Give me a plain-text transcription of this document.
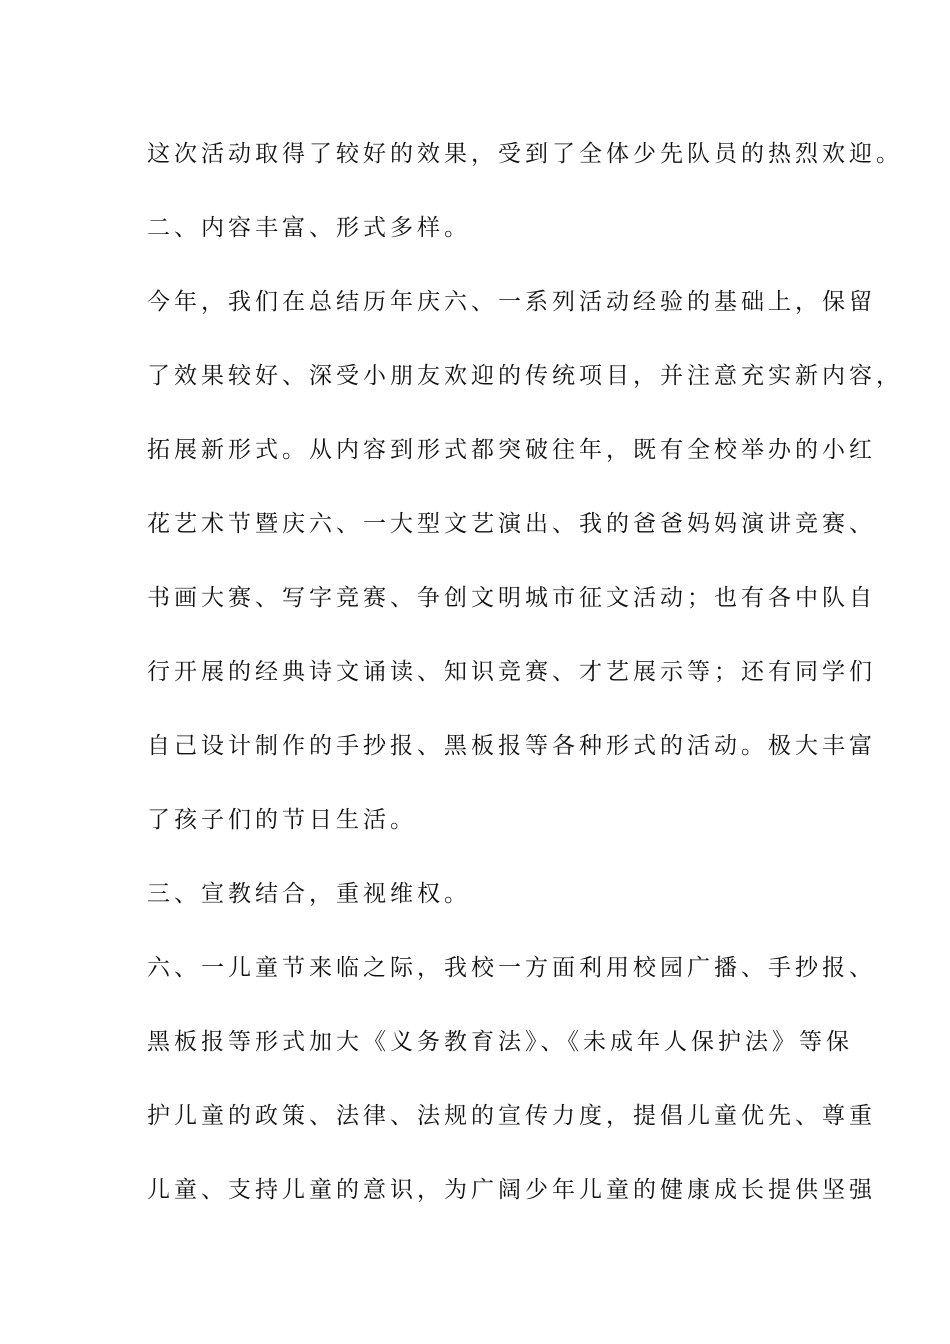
这次活动取得了较好的效果，受到了全体少先队员的热烈欢迎。
二、内容丰富、形式多样。
今年，我们在总结历年庆六、一系列活动经验的基础上，保留
了效果较好、深受小朋友欢迎的传统项目，并注意充实新内容，
拓展新形式。从内容到形式都突破往年，既有全校举办的小红
花艺术节暨庆六、一大型文艺演出、我的爸爸妈妈演讲竞赛、
书画大赛、写字竞赛、争创文明城市征文活动；也有各中队自
行开展的经典诗文诵读、知识竞赛、才艺展示等；还有同学们
自己设计制作的手抄报、黑板报等各种形式的活动。极大丰富
了孩子们的节日生活。
三、宣教结合，重视维权。
六、一儿童节来临之际，我校一方面利用校园广播、手抄报、
黑板报等形式加大《义务教育法》、《未成年人保护法》等保
护儿童的政策、法律、法规的宣传力度，提倡儿童优先、尊重
儿童、支持儿童的意识，为广阔少年儿童的健康成长提供坚强
